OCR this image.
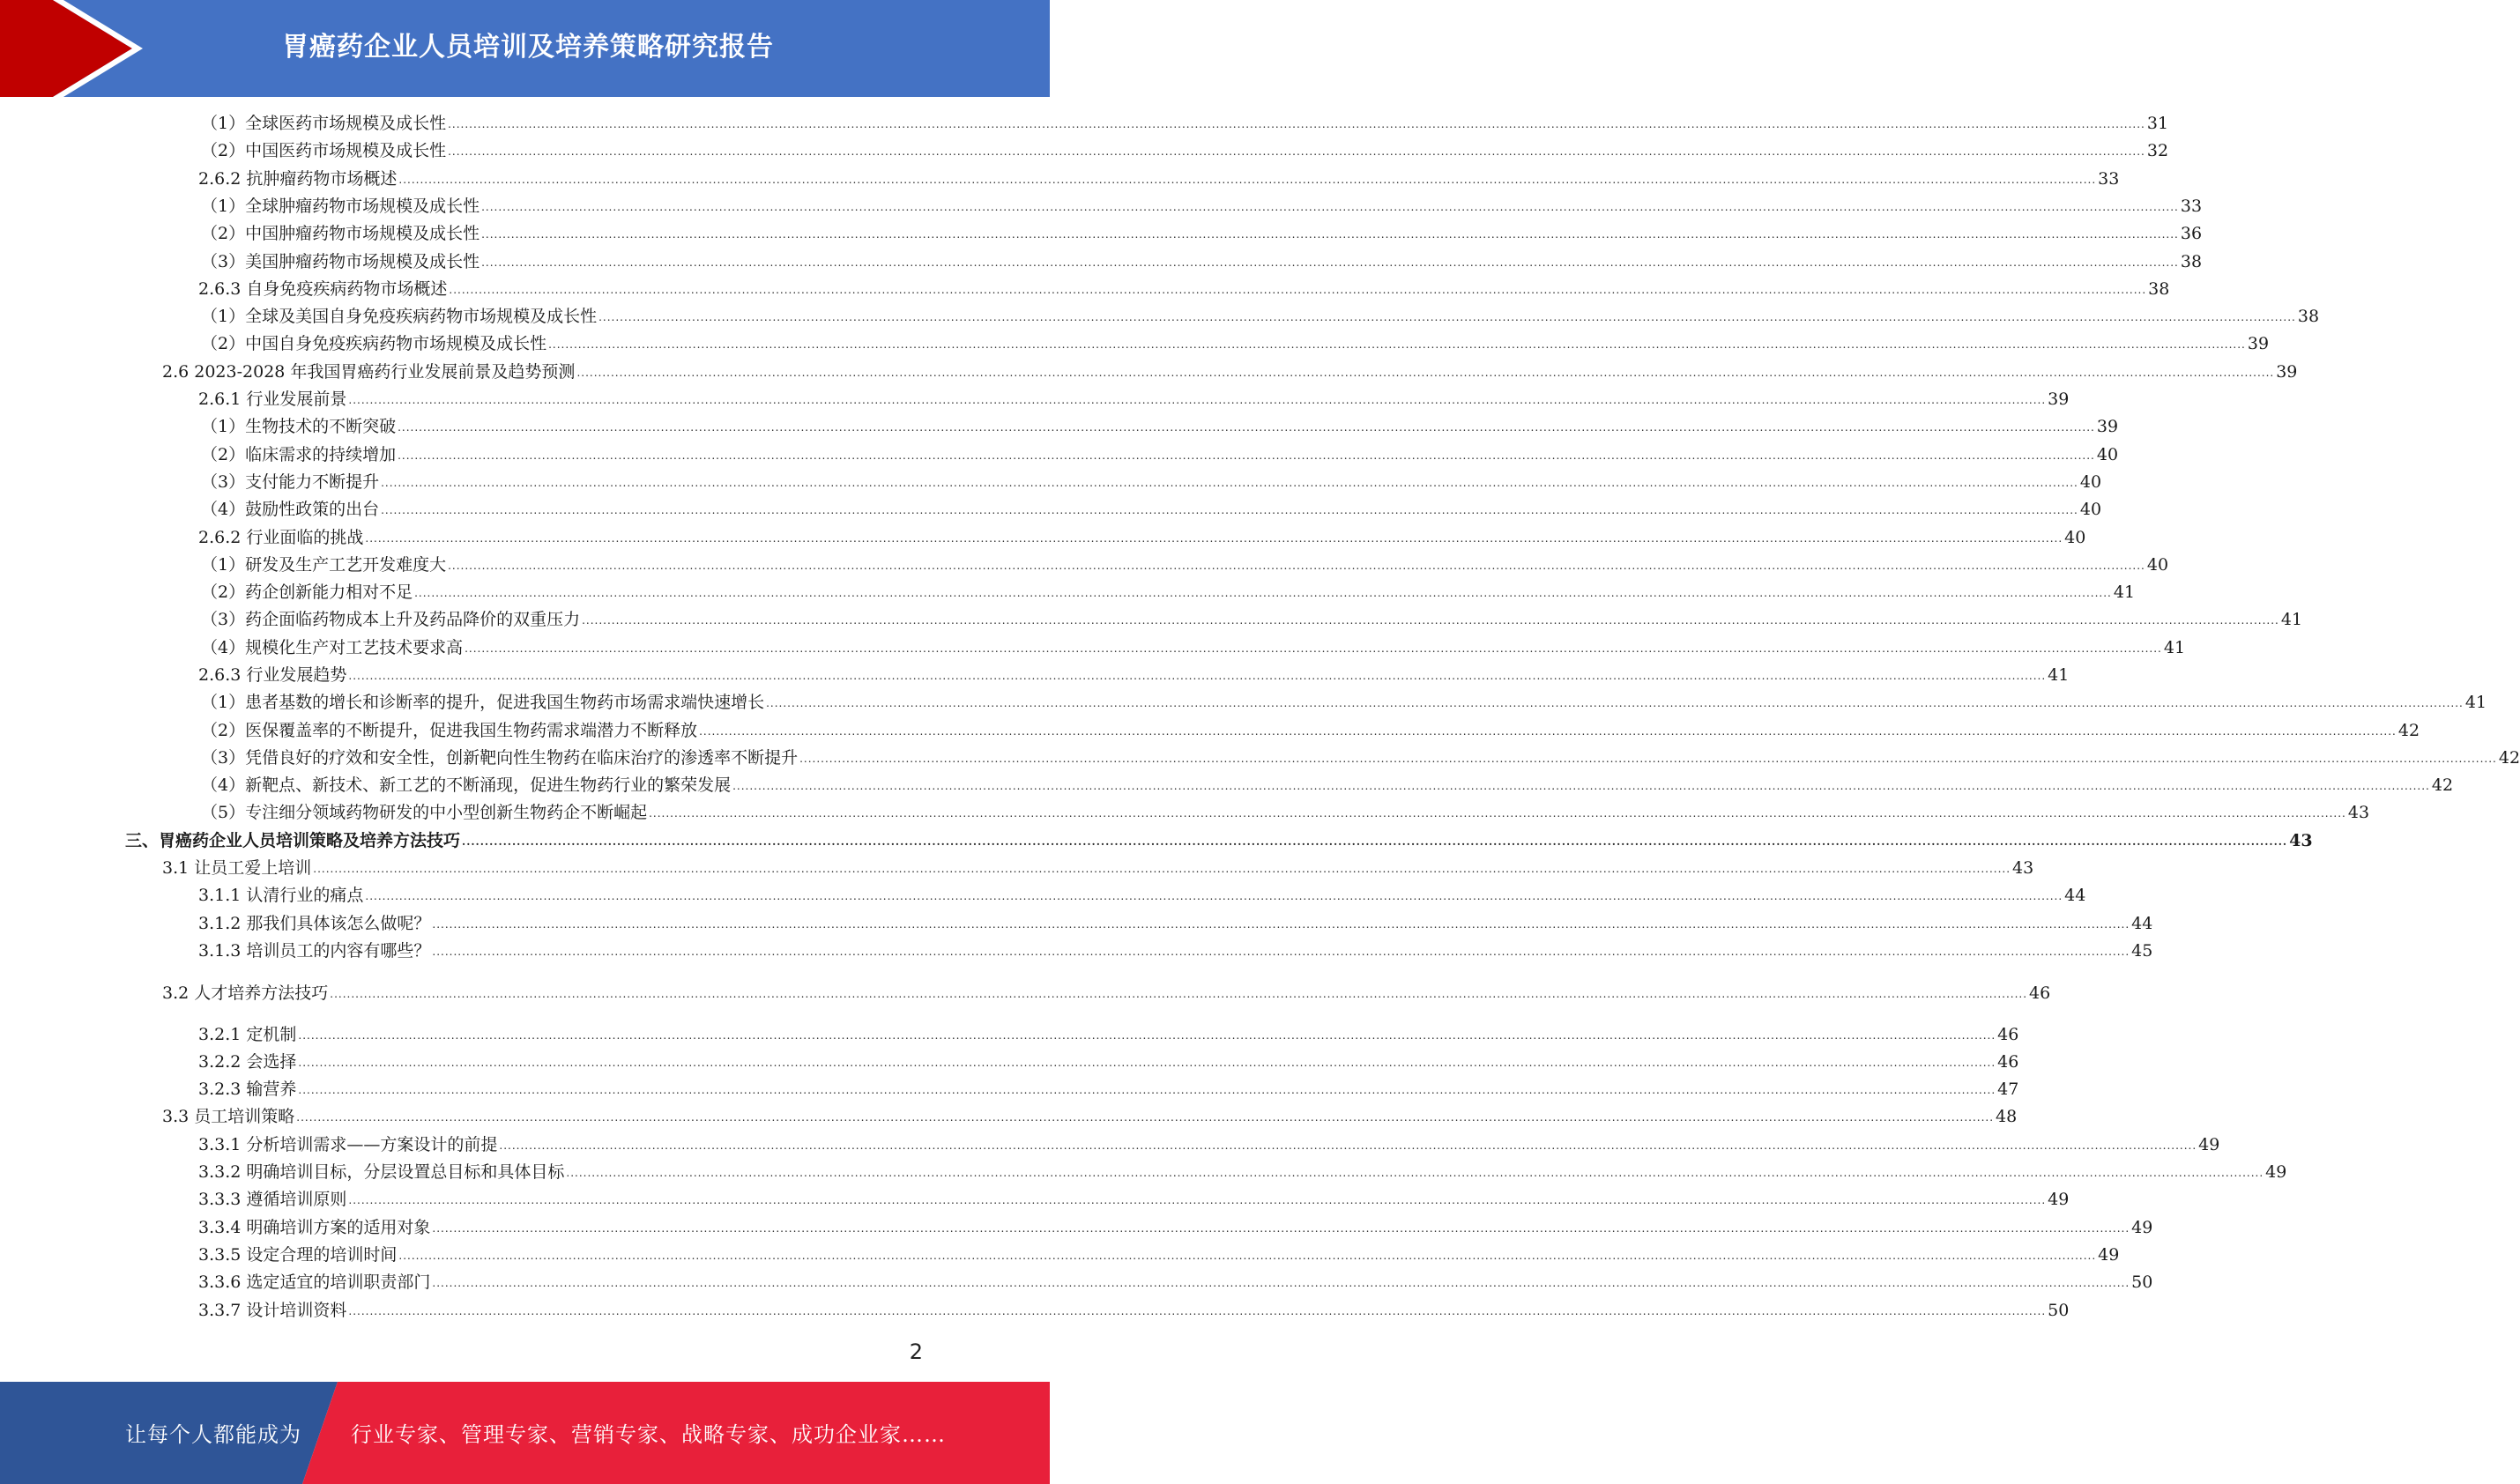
胃癌药企业人员培训及培养策略研究报告
（1）全球医药市场规模及成长性 ................................................................................................................................................................................................................................................................................................................................................................................................................ 31
（2）中国医药市场规模及成长性 ................................................................................................................................................................................................................................................................................................................................................................................................................ 32
2.6.2 抗肿瘤药物市场概述 ................................................................................................................................................................................................................................................................................................................................................................................................................ 33
（1）全球肿瘤药物市场规模及成长性 ................................................................................................................................................................................................................................................................................................................................................................................................................ 33
（2）中国肿瘤药物市场规模及成长性 ................................................................................................................................................................................................................................................................................................................................................................................................................ 36
（3）美国肿瘤药物市场规模及成长性 ................................................................................................................................................................................................................................................................................................................................................................................................................ 38
2.6.3 自身免疫疾病药物市场概述 ................................................................................................................................................................................................................................................................................................................................................................................................................ 38
（1）全球及美国自身免疫疾病药物市场规模及成长性 ................................................................................................................................................................................................................................................................................................................................................................................................................ 38
（2）中国自身免疫疾病药物市场规模及成长性 ................................................................................................................................................................................................................................................................................................................................................................................................................ 39
2.6 2023-2028 年我国胃癌药行业发展前景及趋势预测 ................................................................................................................................................................................................................................................................................................................................................................................................................ 39
2.6.1 行业发展前景 ................................................................................................................................................................................................................................................................................................................................................................................................................ 39
（1）生物技术的不断突破 ................................................................................................................................................................................................................................................................................................................................................................................................................ 39
（2）临床需求的持续增加 ................................................................................................................................................................................................................................................................................................................................................................................................................ 40
（3）支付能力不断提升 ................................................................................................................................................................................................................................................................................................................................................................................................................ 40
（4）鼓励性政策的出台 ................................................................................................................................................................................................................................................................................................................................................................................................................ 40
2.6.2 行业面临的挑战 ................................................................................................................................................................................................................................................................................................................................................................................................................ 40
（1）研发及生产工艺开发难度大 ................................................................................................................................................................................................................................................................................................................................................................................................................ 40
（2）药企创新能力相对不足 ................................................................................................................................................................................................................................................................................................................................................................................................................ 41
（3）药企面临药物成本上升及药品降价的双重压力 ................................................................................................................................................................................................................................................................................................................................................................................................................ 41
（4）规模化生产对工艺技术要求高 ................................................................................................................................................................................................................................................................................................................................................................................................................ 41
2.6.3 行业发展趋势 ................................................................................................................................................................................................................................................................................................................................................................................................................ 41
（1）患者基数的增长和诊断率的提升，促进我国生物药市场需求端快速增长 ................................................................................................................................................................................................................................................................................................................................................................................................................ 41
（2）医保覆盖率的不断提升，促进我国生物药需求端潜力不断释放 ................................................................................................................................................................................................................................................................................................................................................................................................................ 42
（3）凭借良好的疗效和安全性，创新靶向性生物药在临床治疗的渗透率不断提升 ................................................................................................................................................................................................................................................................................................................................................................................................................ 42
（4）新靶点、新技术、新工艺的不断涌现，促进生物药行业的繁荣发展 ................................................................................................................................................................................................................................................................................................................................................................................................................ 42
（5）专注细分领域药物研发的中小型创新生物药企不断崛起 ................................................................................................................................................................................................................................................................................................................................................................................................................ 43
三、胃癌药企业人员培训策略及培养方法技巧 ................................................................................................................................................................................................................................................................................................................................................................................................................ 43
3.1 让员工爱上培训 ................................................................................................................................................................................................................................................................................................................................................................................................................ 43
3.1.1 认清行业的痛点 ................................................................................................................................................................................................................................................................................................................................................................................................................ 44
3.1.2 那我们具体该怎么做呢？ ................................................................................................................................................................................................................................................................................................................................................................................................................ 44
3.1.3 培训员工的内容有哪些？ ................................................................................................................................................................................................................................................................................................................................................................................................................ 45
3.2 人才培养方法技巧 ................................................................................................................................................................................................................................................................................................................................................................................................................ 46
3.2.1 定机制 ................................................................................................................................................................................................................................................................................................................................................................................................................ 46
3.2.2 会选择 ................................................................................................................................................................................................................................................................................................................................................................................................................ 46
3.2.3 输营养 ................................................................................................................................................................................................................................................................................................................................................................................................................ 47
3.3 员工培训策略 ................................................................................................................................................................................................................................................................................................................................................................................................................ 48
3.3.1 分析培训需求——方案设计的前提 ................................................................................................................................................................................................................................................................................................................................................................................................................ 49
3.3.2 明确培训目标，分层设置总目标和具体目标 ................................................................................................................................................................................................................................................................................................................................................................................................................ 49
3.3.3 遵循培训原则 ................................................................................................................................................................................................................................................................................................................................................................................................................ 49
3.3.4 明确培训方案的适用对象 ................................................................................................................................................................................................................................................................................................................................................................................................................ 49
3.3.5 设定合理的培训时间 ................................................................................................................................................................................................................................................................................................................................................................................................................ 49
3.3.6 选定适宜的培训职责部门 ................................................................................................................................................................................................................................................................................................................................................................................................................ 50
3.3.7 设计培训资料 ................................................................................................................................................................................................................................................................................................................................................................................................................ 50
2
让每个人都能成为 行业专家、管理专家、营销专家、战略专家、成功企业家……
